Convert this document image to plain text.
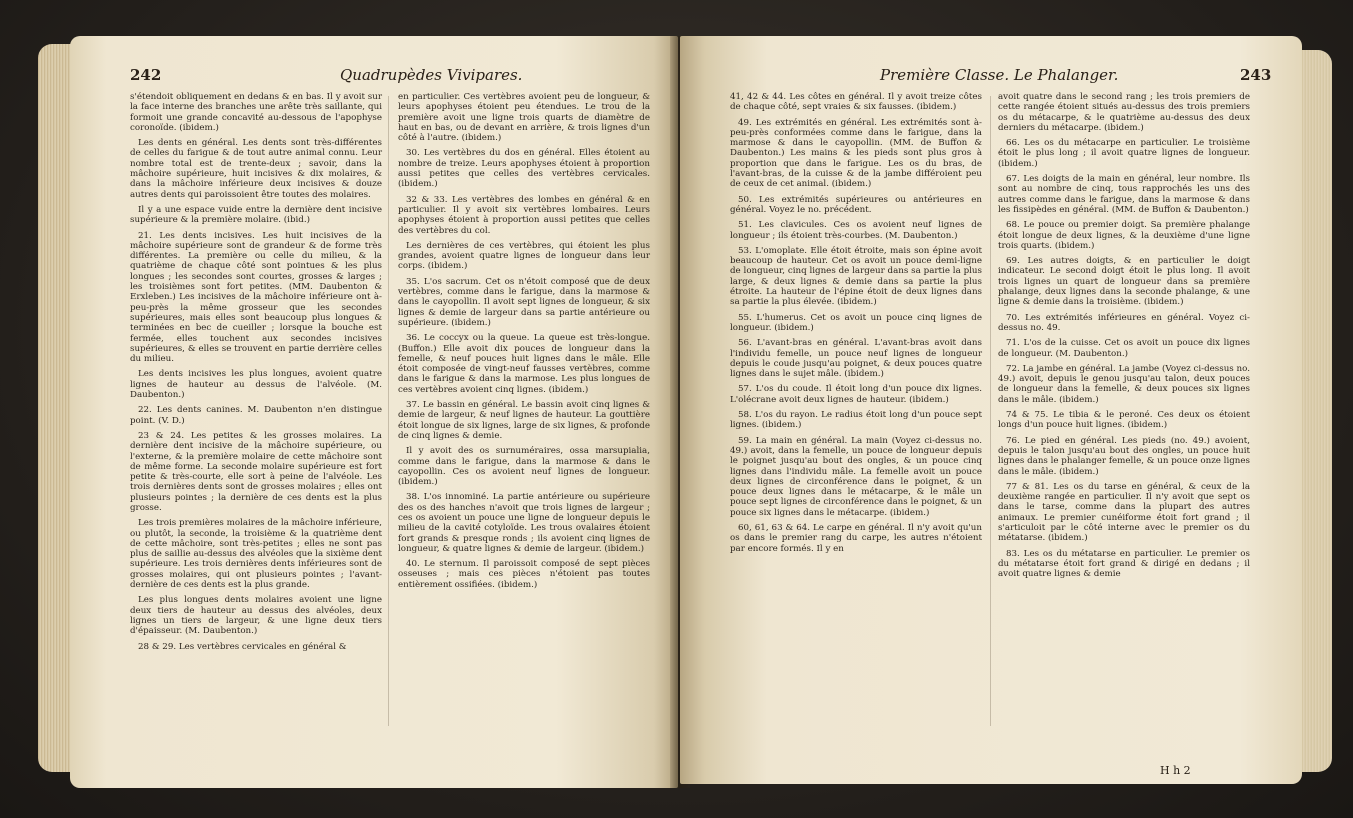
242	Quadrupèdes Vivipares.

s'étendoit obliquement en dedans & en bas. Il y avoit sur la face interne des branches une arête très saillante, qui formoit une grande concavité au-dessous de l'apophyse coronoïde. (ibidem.)

Les dents en général. Les dents sont très-différentes de celles du farigue & de tout autre animal connu. Leur nombre total est de trente-deux ; savoir, dans la mâchoire supérieure, huit incisives & dix molaires, & dans la mâchoire inférieure deux incisives & douze autres dents qui paroissoient être toutes des molaires.

Il y a une espace vuide entre la dernière dent incisive supérieure & la première molaire. (ibid.)

21. Les dents incisives. Les huit incisives de la mâchoire supérieure sont de grandeur & de forme très différentes. La première ou celle du milieu, & la quatrième de chaque côté sont pointues & les plus longues ; les secondes sont courtes, grosses & larges ; les troisièmes sont fort petites. (MM. Daubenton & Erxleben.) Les incisives de la mâchoire inférieure ont à-peu-près la même grosseur que les secondes supérieures, mais elles sont beaucoup plus longues & terminées en bec de cueiller ; lorsque la bouche est fermée, elles touchent aux secondes incisives supérieures, & elles se trouvent en partie derrière celles du milieu.

Les dents incisives les plus longues, avoient quatre lignes de hauteur au dessus de l'alvéole. (M. Daubenton.)

22. Les dents canines. M. Daubenton n'en distingue point. (V. D.)

23 & 24. Les petites & les grosses molaires. La dernière dent incisive de la mâchoire supérieure, ou l'externe, & la première molaire de cette mâchoire sont de même forme. La seconde molaire supérieure est fort petite & très-courte, elle sort à peine de l'alvéole. Les trois dernières dents sont de grosses molaires ; elles ont plusieurs pointes ; la dernière de ces dents est la plus grosse.

Les trois premières molaires de la mâchoire inférieure, ou plutôt, la seconde, la troisième & la quatrième dent de cette mâchoire, sont très-petites ; elles ne sont pas plus de saillie au-dessus des alvéoles que la sixième dent supérieure. Les trois dernières dents inférieures sont de grosses molaires, qui ont plusieurs pointes ; l'avant-dernière de ces dents est la plus grande.

Les plus longues dents molaires avoient une ligne deux tiers de hauteur au dessus des alvéoles, deux lignes un tiers de largeur, & une ligne deux tiers d'épaisseur. (M. Daubenton.)

28 & 29. Les vertèbres cervicales en général &

en particulier. Ces vertèbres avoient peu de longueur, & leurs apophyses étoient peu étendues. Le trou de la première avoit une ligne trois quarts de diamètre de haut en bas, ou de devant en arrière, & trois lignes d'un côté à l'autre. (ibidem.)

30. Les vertèbres du dos en général. Elles étoient au nombre de treize. Leurs apophyses étoient à proportion aussi petites que celles des vertèbres cervicales. (ibidem.)

32 & 33. Les vertèbres des lombes en général & en particulier. Il y avoit six vertèbres lombaires. Leurs apophyses étoient à proportion aussi petites que celles des vertèbres du col.

Les dernières de ces vertèbres, qui étoient les plus grandes, avoient quatre lignes de longueur dans leur corps. (ibidem.)

35. L'os sacrum. Cet os n'étoit composé que de deux vertèbres, comme dans le farigue, dans la marmose & dans le cayopollin. Il avoit sept lignes de longueur, & six lignes & demie de largeur dans sa partie antérieure ou supérieure. (ibidem.)

36. Le coccyx ou la queue. La queue est très-longue. (Buffon.) Elle avoit dix pouces de longueur dans la femelle, & neuf pouces huit lignes dans le mâle. Elle étoit composée de vingt-neuf fausses vertèbres, comme dans le farigue & dans la marmose. Les plus longues de ces vertèbres avoient cinq lignes. (ibidem.)

37. Le bassin en général. Le bassin avoit cinq lignes & demie de largeur, & neuf lignes de hauteur. La gouttière étoit longue de six lignes, large de six lignes, & profonde de cinq lignes & demie.

Il y avoit des os surnuméraires, ossa marsupialia, comme dans le farigue, dans la marmose & dans le cayopollin. Ces os avoient neuf lignes de longueur. (ibidem.)

38. L'os innominé. La partie antérieure ou supérieure des os des hanches n'avoit que trois lignes de largeur ; ces os avoient un pouce une ligne de longueur depuis le milieu de la cavité cotyloïde. Les trous ovalaires étoient fort grands & presque ronds ; ils avoient cinq lignes de longueur, & quatre lignes & demie de largeur. (ibidem.)

40. Le sternum. Il paroissoit composé de sept pièces osseuses ; mais ces pièces n'étoient pas toutes entièrement ossifiées. (ibidem.)

Première Classe. Le Phalanger.	243

41, 42 & 44. Les côtes en général. Il y avoit treize côtes de chaque côté, sept vraies & six fausses. (ibidem.)

49. Les extrémités en général. Les extrémités sont à-peu-près conformées comme dans le farigue, dans la marmose & dans le cayopollin. (MM. de Buffon & Daubenton.) Les mains & les pieds sont plus gros à proportion que dans le farigue. Les os du bras, de l'avant-bras, de la cuisse & de la jambe différoient peu de ceux de cet animal. (ibidem.)

50. Les extrémités supérieures ou antérieures en général. Voyez le no. précédent.

51. Les clavicules. Ces os avoient neuf lignes de longueur ; ils étoient très-courbes. (M. Daubenton.)

53. L'omoplate. Elle étoit étroite, mais son épine avoit beaucoup de hauteur. Cet os avoit un pouce demi-ligne de longueur, cinq lignes de largeur dans sa partie la plus large, & deux lignes & demie dans sa partie la plus étroite. La hauteur de l'épine étoit de deux lignes dans sa partie la plus élevée. (ibidem.)

55. L'humerus. Cet os avoit un pouce cinq lignes de longueur. (ibidem.)

56. L'avant-bras en général. L'avant-bras avoit dans l'individu femelle, un pouce neuf lignes de longueur depuis le coude jusqu'au poignet, & deux pouces quatre lignes dans le sujet mâle. (ibidem.)

57. L'os du coude. Il étoit long d'un pouce dix lignes. L'olécrane avoit deux lignes de hauteur. (ibidem.)

58. L'os du rayon. Le radius étoit long d'un pouce sept lignes. (ibidem.)

59. La main en général. La main (Voyez ci-dessus no. 49.) avoit, dans la femelle, un pouce de longueur depuis le poignet jusqu'au bout des ongles, & un pouce cinq lignes dans l'individu mâle. La femelle avoit un pouce deux lignes de circonférence dans le poignet, & un pouce deux lignes dans le métacarpe, & le mâle un pouce sept lignes de circonférence dans le poignet, & un pouce six lignes dans le métacarpe. (ibidem.)

60, 61, 63 & 64. Le carpe en général. Il n'y avoit qu'un os dans le premier rang du carpe, les autres n'étoient par encore formés. Il y en

avoit quatre dans le second rang ; les trois premiers de cette rangée étoient situés au-dessus des trois premiers os du métacarpe, & le quatrième au-dessus des deux derniers du métacarpe. (ibidem.)

66. Les os du métacarpe en particulier. Le troisième étoit le plus long ; il avoit quatre lignes de longueur. (ibidem.)

67. Les doigts de la main en général, leur nombre. Ils sont au nombre de cinq, tous rapprochés les uns des autres comme dans le farigue, dans la marmose & dans les fissipèdes en général. (MM. de Buffon & Daubenton.)

68. Le pouce ou premier doigt. Sa première phalange étoit longue de deux lignes, & la deuxième d'une ligne trois quarts. (ibidem.)

69. Les autres doigts, & en particulier le doigt indicateur. Le second doigt étoit le plus long. Il avoit trois lignes un quart de longueur dans sa première phalange, deux lignes dans la seconde phalange, & une ligne & demie dans la troisième. (ibidem.)

70. Les extrémités inférieures en général. Voyez ci-dessus no. 49.

71. L'os de la cuisse. Cet os avoit un pouce dix lignes de longueur. (M. Daubenton.)

72. La jambe en général. La jambe (Voyez ci-dessus no. 49.) avoit, depuis le genou jusqu'au talon, deux pouces de longueur dans la femelle, & deux pouces six lignes dans le mâle. (ibidem.)

74 & 75. Le tibia & le peroné. Ces deux os étoient longs d'un pouce huit lignes. (ibidem.)

76. Le pied en général. Les pieds (no. 49.) avoient, depuis le talon jusqu'au bout des ongles, un pouce huit lignes dans le phalanger femelle, & un pouce onze lignes dans le mâle. (ibidem.)

77 & 81. Les os du tarse en général, & ceux de la deuxième rangée en particulier. Il n'y avoit que sept os dans le tarse, comme dans la plupart des autres animaux. Le premier cunéiforme étoit fort grand ; il s'articuloit par le côté interne avec le premier os du métatarse. (ibidem.)

83. Les os du métatarse en particulier. Le premier os du métatarse étoit fort grand & dirigé en dedans ; il avoit quatre lignes & demie

H h 2
